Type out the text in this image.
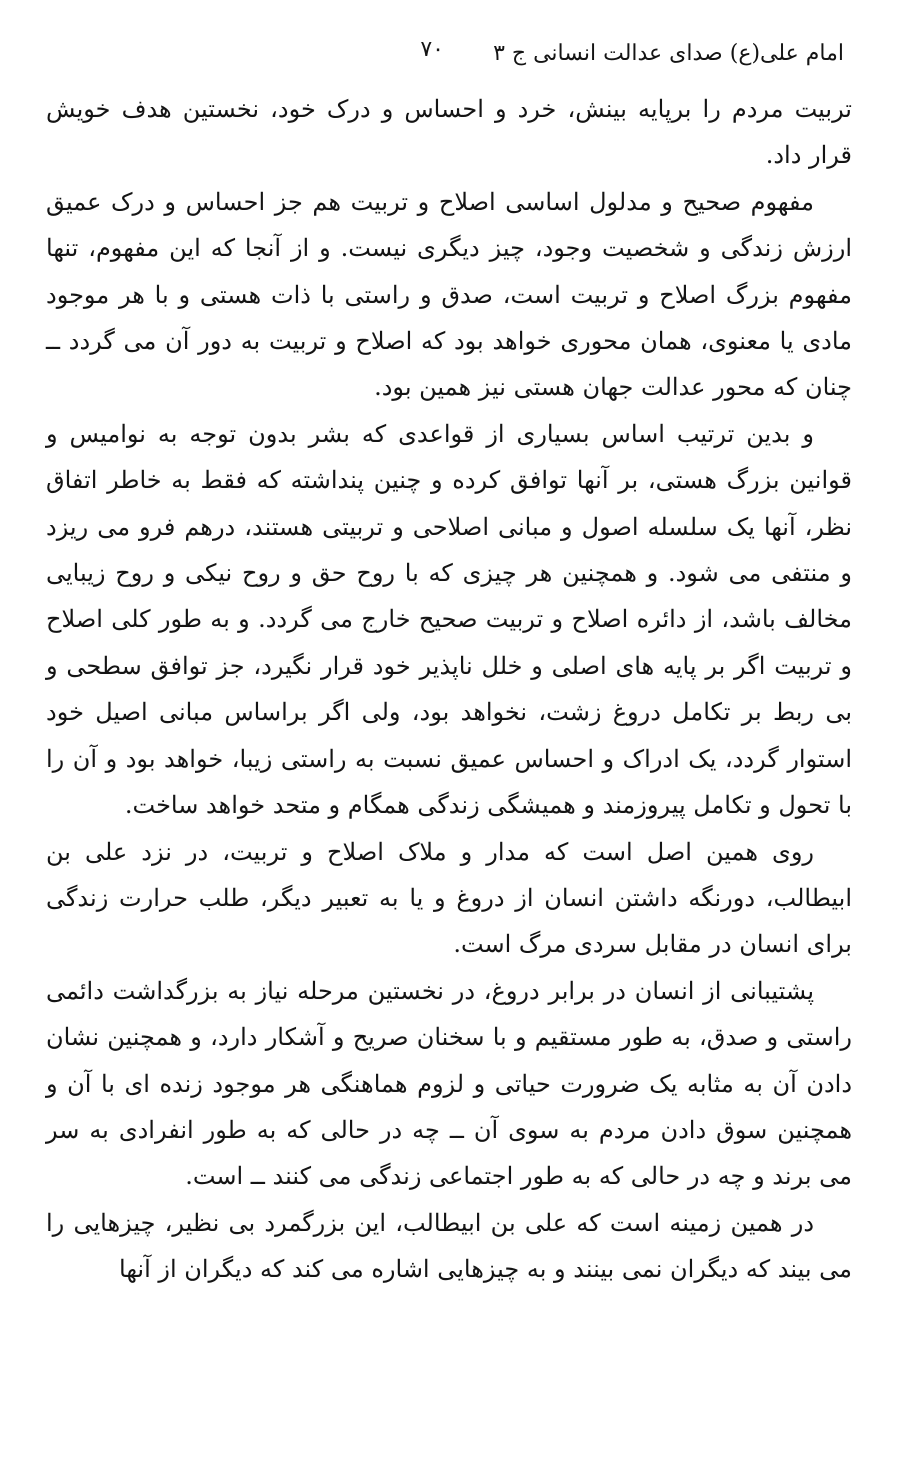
امام علی(ع) صدای عدالت انسانی ج ۳
۷۰

تربیت مردم را برپایه بینش، خرد و احساس و درک خود، نخستین هدف خویش قرار داد.

مفهوم صحیح و مدلول اساسی اصلاح و تربیت هم جز احساس و درک عمیق ارزش زندگی و شخصیت وجود، چیز دیگری نیست. و از آنجا که این مفهوم، تنها مفهوم بزرگ اصلاح و تربیت است، صدق و راستی با ذات هستی و با هر موجود مادی یا معنوی، همان محوری خواهد بود که اصلاح و تربیت به دور آن می گردد ــ چنان که محور عدالت جهان هستی نیز همین بود.

و بدین ترتیب اساس بسیاری از قواعدی که بشر بدون توجه به نوامیس و قوانین بزرگ هستی، بر آنها توافق کرده و چنین پنداشته که فقط به خاطر اتفاق نظر، آنها یک سلسله اصول و مبانی اصلاحی و تربیتی هستند، درهم فرو می ریزد و منتفی می شود. و همچنین هر چیزی که با روح حق و روح نیکی و روح زیبایی مخالف باشد، از دائره اصلاح و تربیت صحیح خارج می گردد. و به طور کلی اصلاح و تربیت اگر بر پایه های اصلی و خلل ناپذیر خود قرار نگیرد، جز توافق سطحی و بی ربط بر تکامل دروغ زشت، نخواهد بود، ولی اگر براساس مبانی اصیل خود استوار گردد، یک ادراک و احساس عمیق نسبت به راستی زیبا، خواهد بود و آن را با تحول و تکامل پیروزمند و همیشگی زندگی همگام و متحد خواهد ساخت.

روی همین اصل است که مدار و ملاک اصلاح و تربیت، در نزد علی بن ابیطالب، دورنگه داشتن انسان از دروغ و یا به تعبیر دیگر، طلب حرارت زندگی برای انسان در مقابل سردی مرگ است.

پشتیبانی از انسان در برابر دروغ، در نخستین مرحله نیاز به بزرگداشت دائمی راستی و صدق، به طور مستقیم و با سخنان صریح و آشکار دارد، و همچنین نشان دادن آن به مثابه یک ضرورت حیاتی و لزوم هماهنگی هر موجود زنده ای با آن و همچنین سوق دادن مردم به سوی آن ــ چه در حالی که به طور انفرادی به سر می برند و چه در حالی که به طور اجتماعی زندگی می کنند ــ است.

در همین زمینه است که علی بن ابیطالب، این بزرگمرد بی نظیر، چیزهایی را می بیند که دیگران نمی بینند و به چیزهایی اشاره می کند که دیگران از آنها
